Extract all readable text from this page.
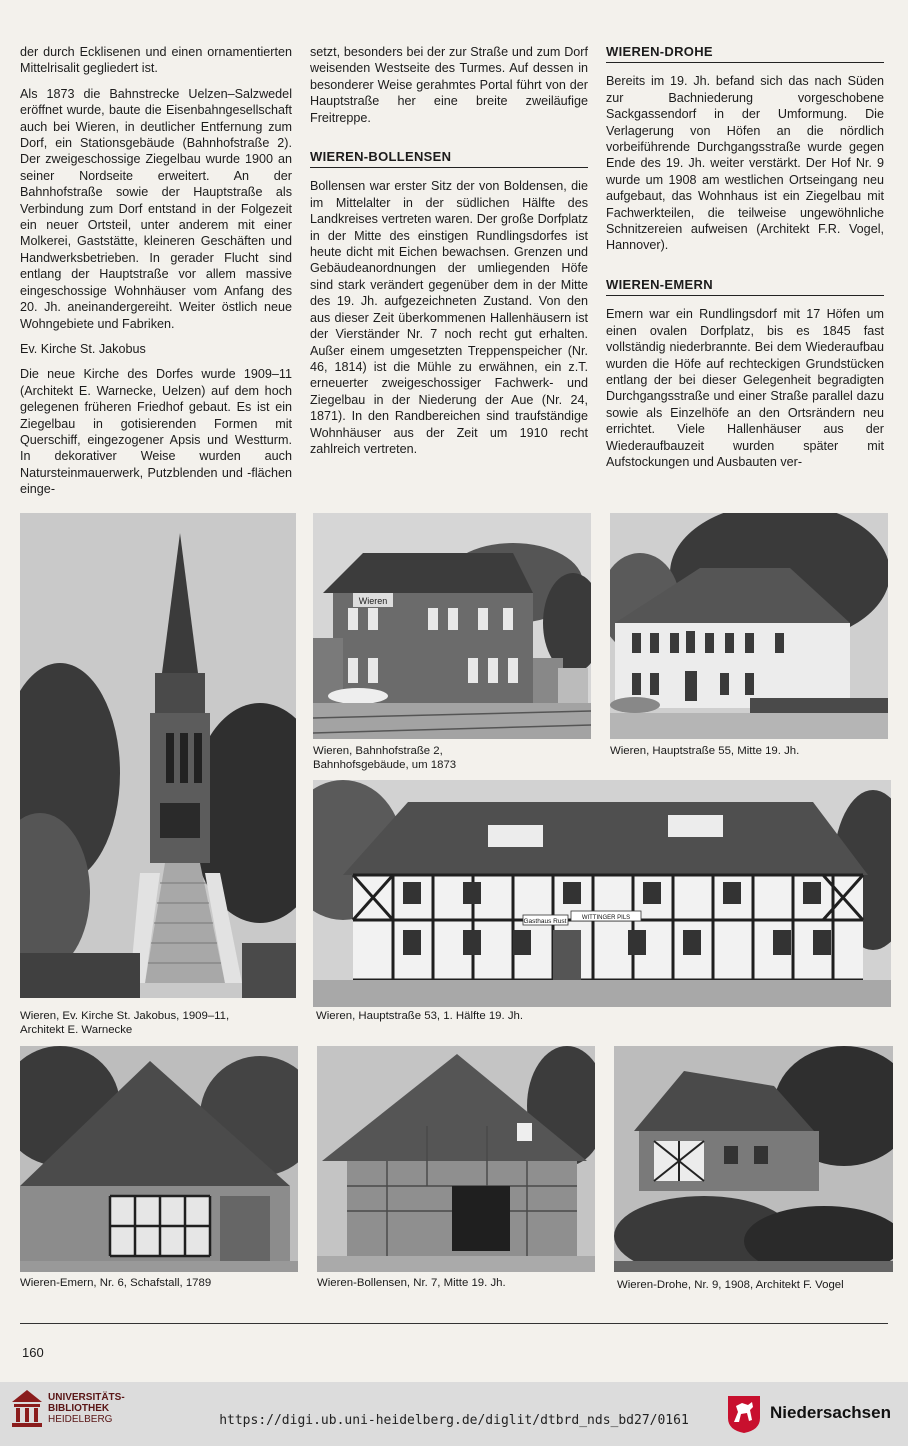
der durch Ecklisenen und einen ornamentierten Mittelrisalit gegliedert ist.

Als 1873 die Bahnstrecke Uelzen–Salzwedel eröffnet wurde, baute die Eisenbahngesellschaft auch bei Wieren, in deutlicher Entfernung zum Dorf, ein Stationsgebäude (Bahnhofstraße 2). Der zweigeschossige Ziegelbau wurde 1900 an seiner Nordseite erweitert. An der Bahnhofstraße sowie der Hauptstraße als Verbindung zum Dorf entstand in der Folgezeit ein neuer Ortsteil, unter anderem mit einer Molkerei, Gaststätte, kleineren Geschäften und Handwerksbetrieben. In gerader Flucht sind entlang der Hauptstraße vor allem massive eingeschossige Wohnhäuser vom Anfang des 20. Jh. aneinandergereiht. Weiter östlich neue Wohngebiete und Fabriken.

Ev. Kirche St. Jakobus

Die neue Kirche des Dorfes wurde 1909–11 (Architekt E. Warnecke, Uelzen) auf dem hoch gelegenen früheren Friedhof gebaut. Es ist ein Ziegelbau in gotisierenden Formen mit Querschiff, eingezogener Apsis und Westturm. In dekorativer Weise wurden auch Natursteinmauerwerk, Putzblenden und -flächen einge-

setzt, besonders bei der zur Straße und zum Dorf weisenden Westseite des Turmes. Auf dessen in besonderer Weise gerahmtes Portal führt von der Hauptstraße her eine breite zweiläufige Freitreppe.

WIEREN-BOLLENSEN

Bollensen war erster Sitz der von Boldensen, die im Mittelalter in der südlichen Hälfte des Landkreises vertreten waren. Der große Dorfplatz in der Mitte des einstigen Rundlingsdorfes ist heute dicht mit Eichen bewachsen. Grenzen und Gebäudeanordnungen der umliegenden Höfe sind stark verändert gegenüber dem in der Mitte des 19. Jh. aufgezeichneten Zustand. Von den aus dieser Zeit überkommenen Hallenhäusern ist der Vierständer Nr. 7 noch recht gut erhalten. Außer einem umgesetzten Treppenspeicher (Nr. 46, 1814) ist die Mühle zu erwähnen, ein z.T. erneuerter zweigeschossiger Fachwerk- und Ziegelbau in der Niederung der Aue (Nr. 24, 1871). In den Randbereichen sind traufständige Wohnhäuser aus der Zeit um 1910 recht zahlreich vertreten.

WIEREN-DROHE

Bereits im 19. Jh. befand sich das nach Süden zur Bachniederung vorgeschobene Sackgassendorf in der Umformung. Die Verlagerung von Höfen an die nördlich vorbeiführende Durchgangsstraße wurde gegen Ende des 19. Jh. weiter verstärkt. Der Hof Nr. 9 wurde um 1908 am westlichen Ortseingang neu aufgebaut, das Wohnhaus ist ein Ziegelbau mit Fachwerkteilen, die teilweise ungewöhnliche Schnitzereien aufweisen (Architekt F.R. Vogel, Hannover).

WIEREN-EMERN

Emern war ein Rundlingsdorf mit 17 Höfen um einen ovalen Dorfplatz, bis es 1845 fast vollständig niederbrannte. Bei dem Wiederaufbau wurden die Höfe auf rechteckigen Grundstücken entlang der bei dieser Gelegenheit begradigten Durchgangsstraße und einer Straße parallel dazu sowie als Einzelhöfe an den Ortsrändern neu errichtet. Viele Hallenhäuser aus der Wiederaufbauzeit wurden später mit Aufstockungen und Ausbauten ver-

Wieren, Ev. Kirche St. Jakobus, 1909–11,
Architekt E. Warnecke
Wieren
Wieren, Bahnhofstraße 2,
Bahnhofsgebäude, um 1873
Wieren, Hauptstraße 55, Mitte 19. Jh.
Gasthaus Rust	WITTINGER PILS
Wieren, Hauptstraße 53, 1. Hälfte 19. Jh.
Wieren-Emern, Nr. 6, Schafstall, 1789	Wieren-Bollensen, Nr. 7, Mitte 19. Jh.	Wieren-Drohe, Nr. 9, 1908, Architekt F. Vogel
160
UNIVERSITÄTS-
BIBLIOTHEK
HEIDELBERG	https://digi.ub.uni-heidelberg.de/diglit/dtbrd_nds_bd27/0161	Niedersachsen
